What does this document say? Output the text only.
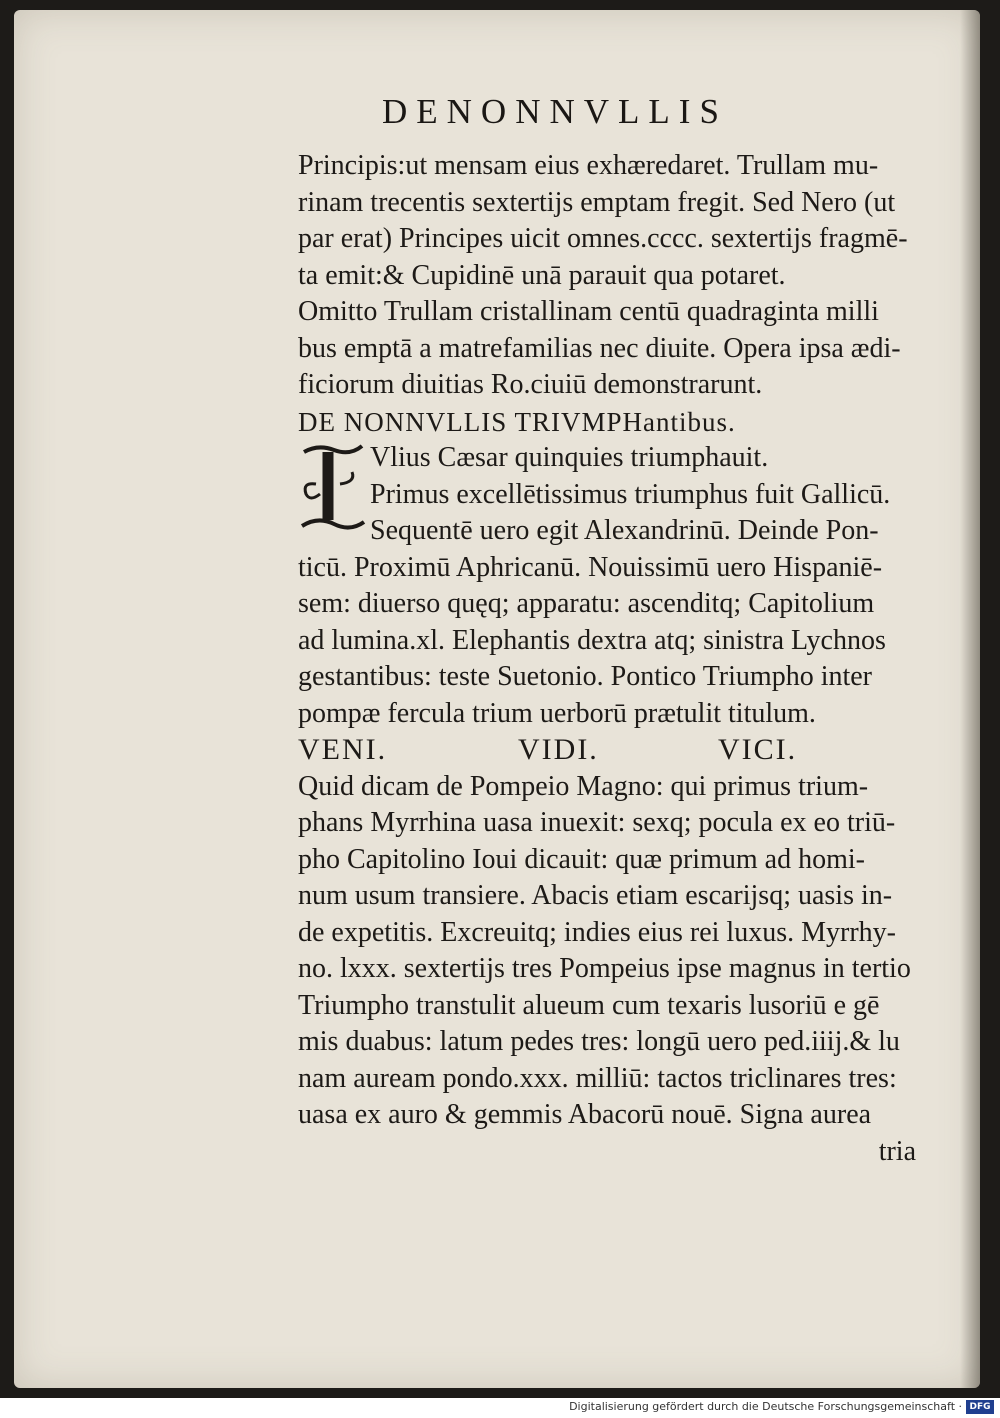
DENONNVLLIS
Principis:ut mensam eius exhæredaret. Trullam mu-
rinam trecentis sextertijs emptam fregit. Sed Nero (ut
par erat) Principes uicit omnes.cccc. sextertijs fragmē-
ta emit:& Cupidinē unā parauit qua potaret.
Omitto Trullam cristallinam centū quadraginta milli
bus emptā a matrefamilias nec diuite. Opera ipsa ædi-
ficiorum diuitias Ro.ciuiū demonstrarunt.
DE NONNVLLIS TRIVMPHantibus.
Vlius Cæsar quinquies triumphauit.
Primus excellētissimus triumphus fuit Gallicū.
Sequentē uero egit Alexandrinū. Deinde Pon-
ticū. Proximū Aphricanū. Nouissimū uero Hispaniē-
sem: diuerso quęq; apparatu: ascenditq; Capitolium
ad lumina.xl. Elephantis dextra atq; sinistra Lychnos
gestantibus: teste Suetonio. Pontico Triumpho inter
pompæ fercula trium uerborū prætulit titulum.
VENI.	VIDI.	VICI.
Quid dicam de Pompeio Magno: qui primus trium-
phans Myrrhina uasa inuexit: sexq; pocula ex eo triū-
pho Capitolino Ioui dicauit: quæ primum ad homi-
num usum transiere. Abacis etiam escarijsq; uasis in-
de expetitis. Excreuitq; indies eius rei luxus. Myrrhy-
no. lxxx. sextertijs tres Pompeius ipse magnus in tertio
Triumpho transtulit alueum cum texaris lusoriū e gē
mis duabus: latum pedes tres: longū uero ped.iiij.& lu
nam auream pondo.xxx. milliū: tactos triclinares tres:
uasa ex auro & gemmis Abacorū nouē. Signa aurea
tria
Digitalisierung gefördert durch die Deutsche Forschungsgemeinschaft · DFG
